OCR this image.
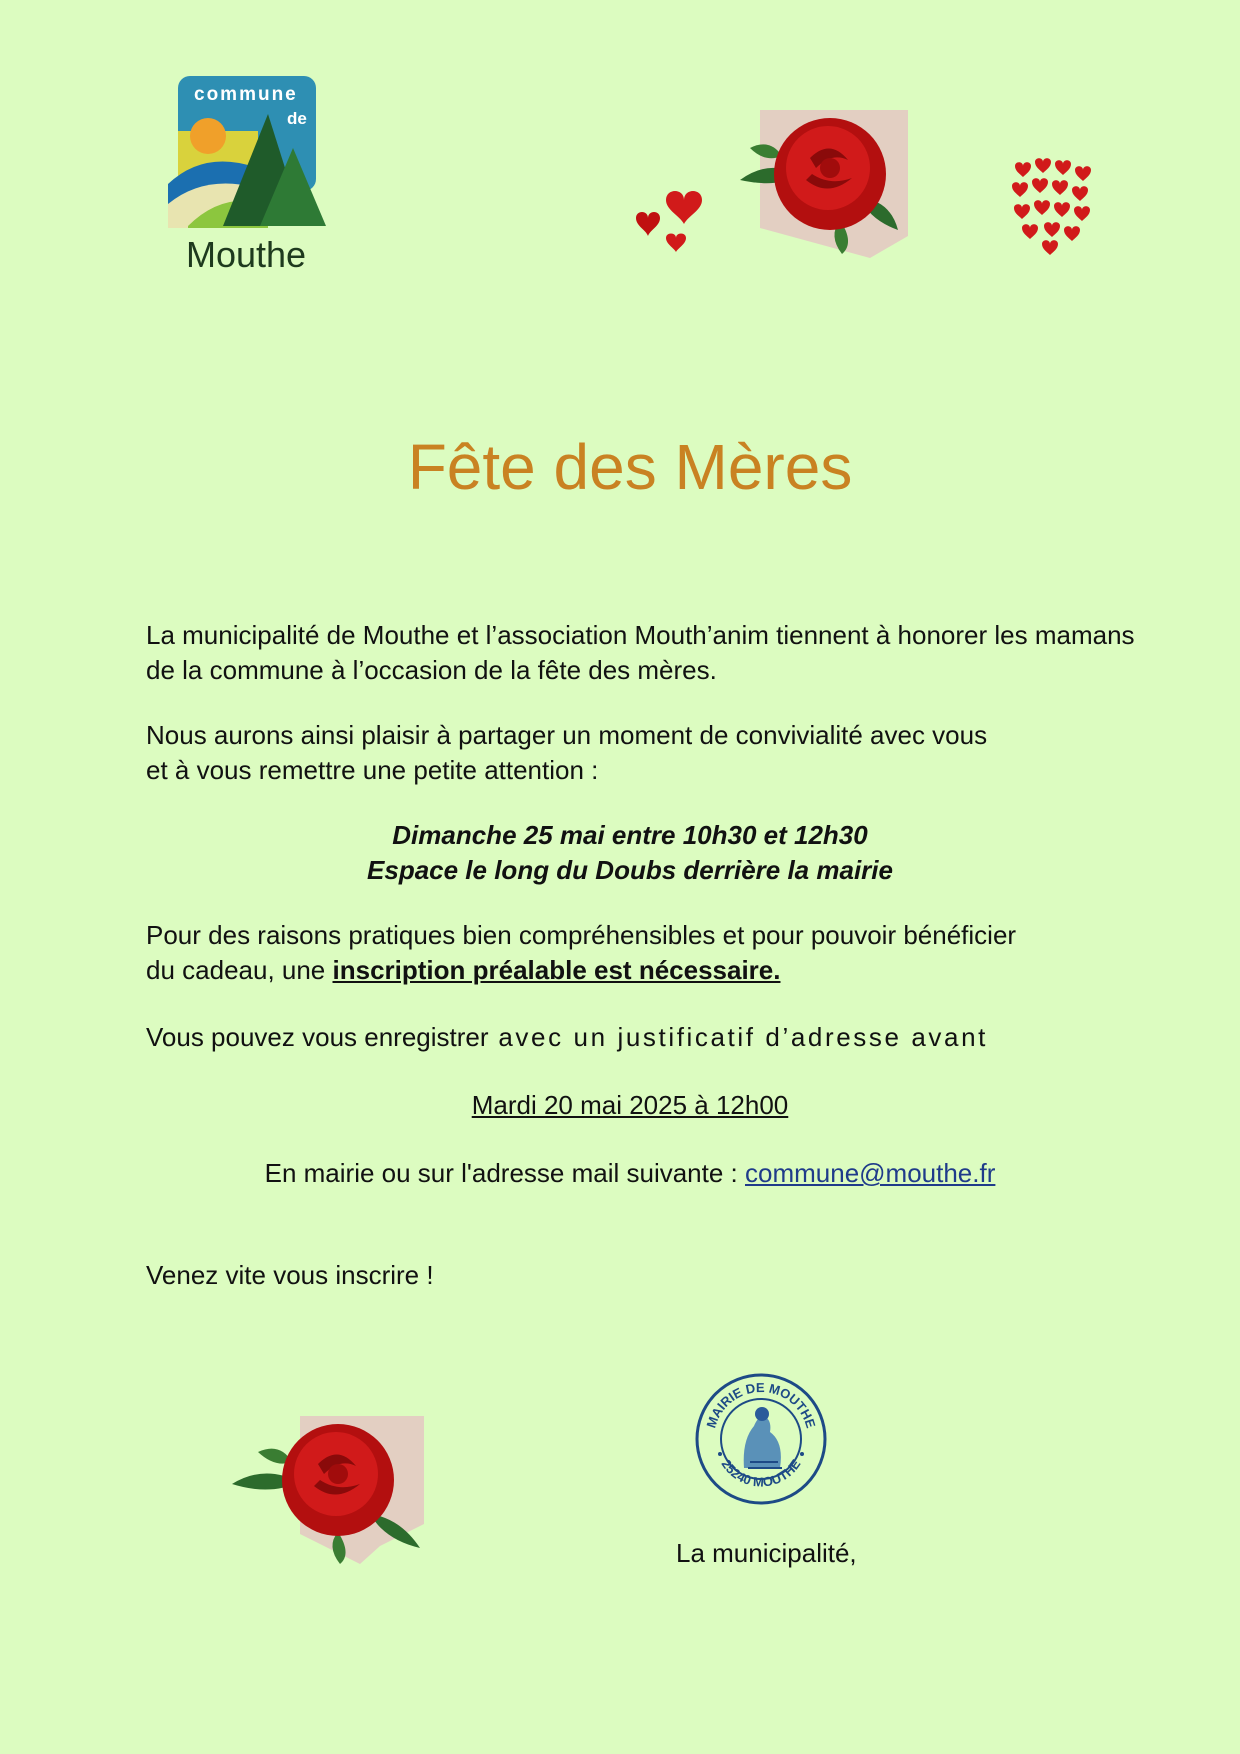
commune
de
Mouthe
Fête des Mères
La municipalité de Mouthe et l’association Mouth’anim tiennent à honorer les mamans de la commune à l’occasion de la fête des mères.
Nous aurons ainsi plaisir à partager un moment de convivialité avec vous
et à vous remettre une petite attention :
Dimanche 25 mai entre 10h30 et 12h30
Espace le long du Doubs derrière la mairie
Pour des raisons pratiques bien compréhensibles et pour pouvoir bénéficier
du cadeau, une inscription préalable est nécessaire.
Vous pouvez vous enregistrer avec un justificatif d’adresse avant
Mardi 20 mai 2025 à 12h00
En mairie ou sur l'adresse mail suivante : commune@mouthe.fr
Venez vite vous inscrire !
MAIRIE DE MOUTHE
25240 MOUTHE
La municipalité,
